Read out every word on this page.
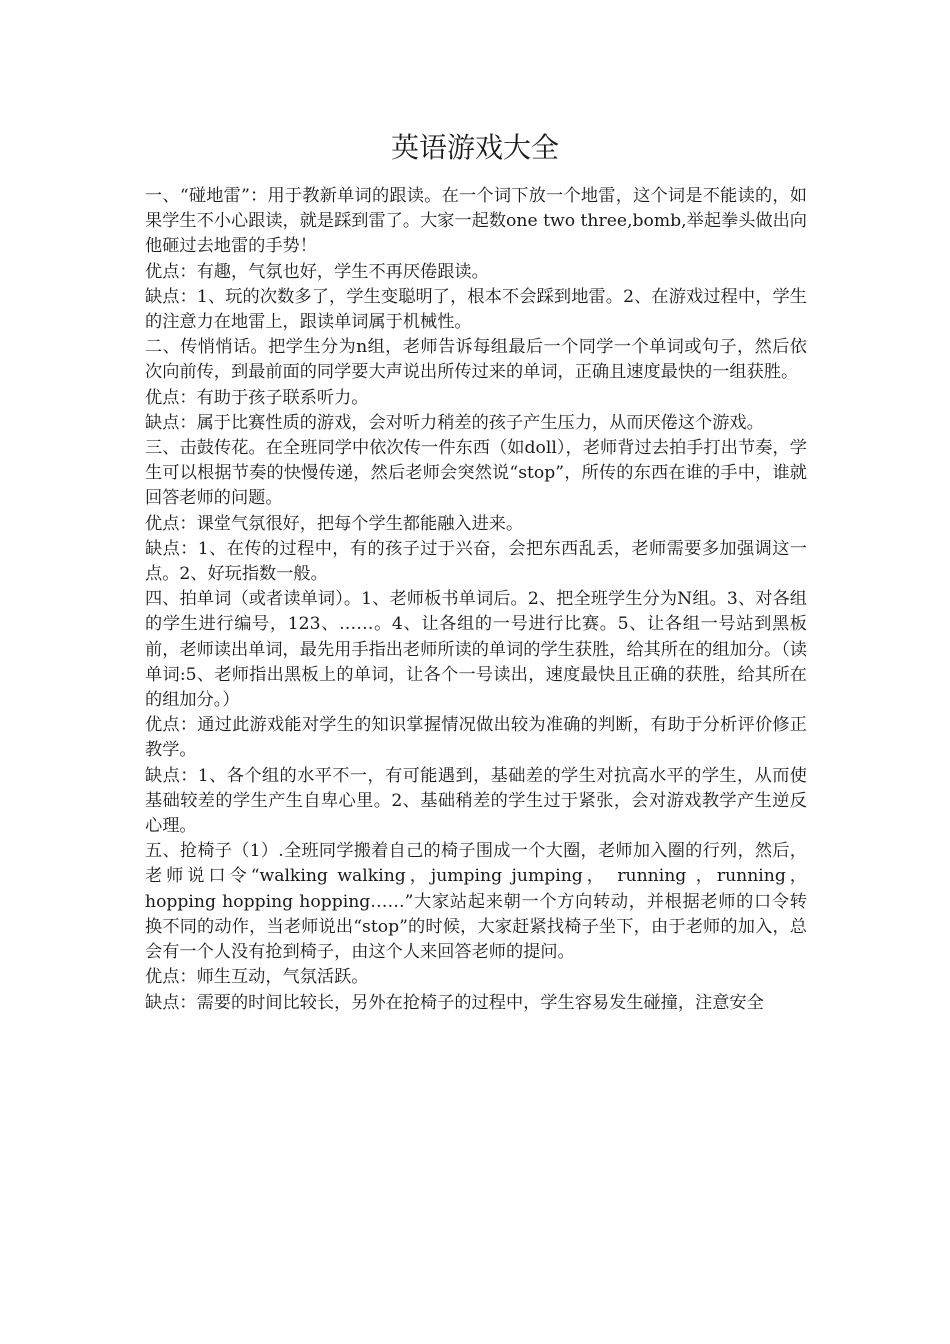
英语游戏大全

一、“碰地雷”：用于教新单词的跟读。在一个词下放一个地雷，这个词是不能读的，如果学生不小心跟读，就是踩到雷了。大家一起数one two three,bomb,举起拳头做出向他砸过去地雷的手势！

优点：有趣，气氛也好，学生不再厌倦跟读。

缺点：1、玩的次数多了，学生变聪明了，根本不会踩到地雷。2、在游戏过程中，学生的注意力在地雷上，跟读单词属于机械性。

二、传悄悄话。把学生分为n组，老师告诉每组最后一个同学一个单词或句子，然后依次向前传，到最前面的同学要大声说出所传过来的单词，正确且速度最快的一组获胜。

优点：有助于孩子联系听力。

缺点：属于比赛性质的游戏，会对听力稍差的孩子产生压力，从而厌倦这个游戏。

三、击鼓传花。在全班同学中依次传一件东西（如doll），老师背过去拍手打出节奏，学生可以根据节奏的快慢传递，然后老师会突然说“stop”，所传的东西在谁的手中，谁就回答老师的问题。

优点：课堂气氛很好，把每个学生都能融入进来。

缺点：1、在传的过程中，有的孩子过于兴奋，会把东西乱丢，老师需要多加强调这一点。2、好玩指数一般。

四、拍单词（或者读单词）。1、老师板书单词后。2、把全班学生分为N组。3、对各组的学生进行编号，123、……。4、让各组的一号进行比赛。5、让各组一号站到黑板前，老师读出单词，最先用手指出老师所读的单词的学生获胜，给其所在的组加分。（读单词:5、老师指出黑板上的单词，让各个一号读出，速度最快且正确的获胜，给其所在的组加分。）

优点：通过此游戏能对学生的知识掌握情况做出较为准确的判断，有助于分析评价修正教学。

缺点：1、各个组的水平不一，有可能遇到，基础差的学生对抗高水平的学生，从而使基础较差的学生产生自卑心里。2、基础稍差的学生过于紧张，会对游戏教学产生逆反心理。

五、抢椅子（1）.全班同学搬着自己的椅子围成一个大圈，老师加入圈的行列，然后，老师说口令“walking walking，jumping jumping， running ，running，hopping hopping hopping……”大家站起来朝一个方向转动，并根据老师的口令转换不同的动作，当老师说出“stop”的时候，大家赶紧找椅子坐下，由于老师的加入，总会有一个人没有抢到椅子，由这个人来回答老师的提问。

优点：师生互动，气氛活跃。

缺点：需要的时间比较长，另外在抢椅子的过程中，学生容易发生碰撞，注意安全
